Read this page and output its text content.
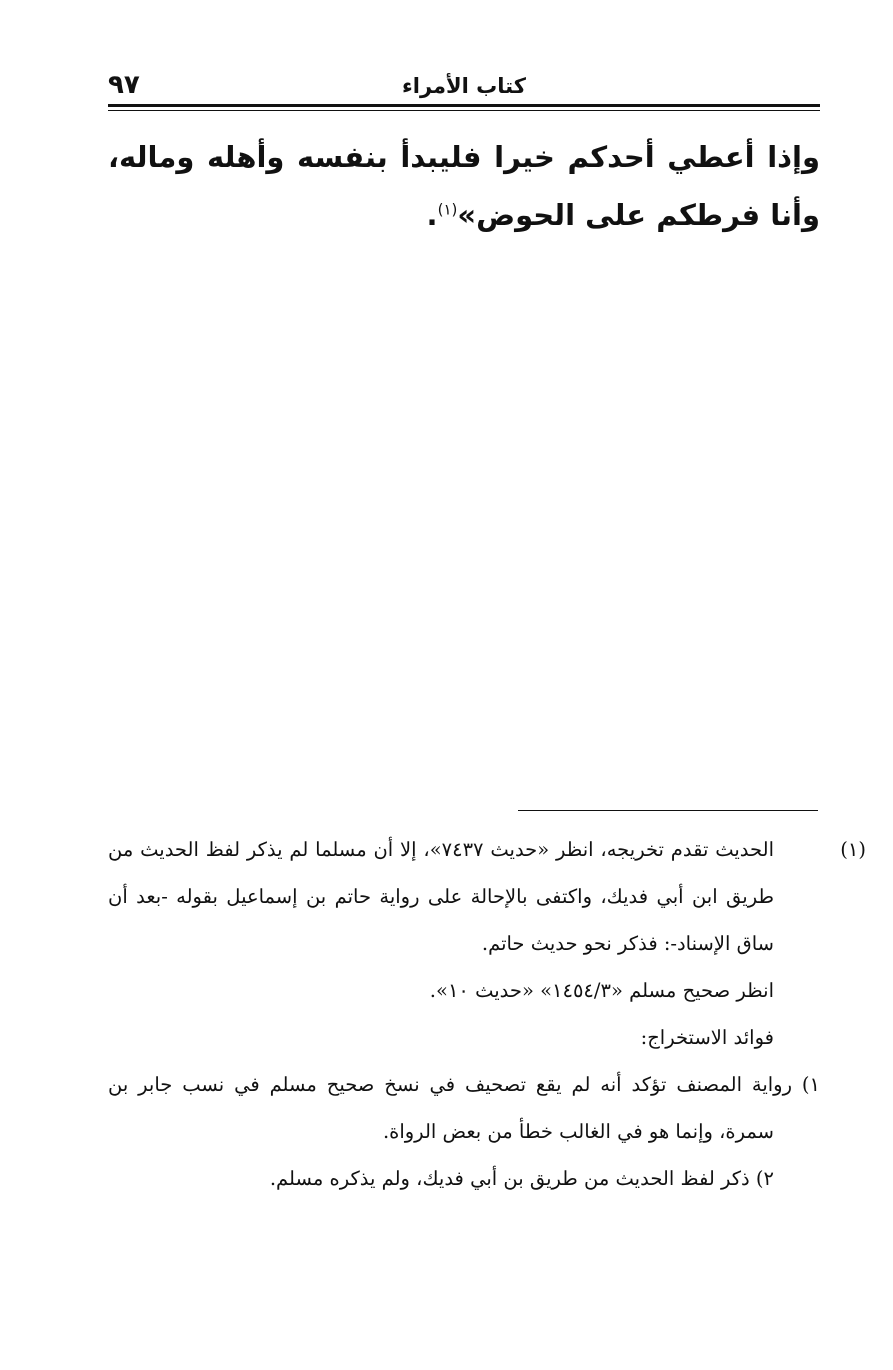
كتاب الأمراء
٩٧
وإذا أعطي أحدكم خيرا فليبدأ بنفسه وأهله وماله، وأنا فرطكم على الحوض»$^{(١)}$.

(١)الحديث تقدم تخريجه، انظر «حديث ٧٤٣٧»، إلا أن مسلما لم يذكر لفظ الحديث من طريق ابن أبي فديك، واكتفى بالإحالة على رواية حاتم بن إسماعيل بقوله -بعد أن ساق الإسناد-: فذكر نحو حديث حاتم.

انظر صحيح مسلم «١٤٥٤/٣» «حديث ١٠».

فوائد الاستخراج:

١) رواية المصنف تؤكد أنه لم يقع تصحيف في نسخ صحيح مسلم في نسب جابر بن سمرة، وإنما هو في الغالب خطأ من بعض الرواة.

٢) ذكر لفظ الحديث من طريق بن أبي فديك، ولم يذكره مسلم.
